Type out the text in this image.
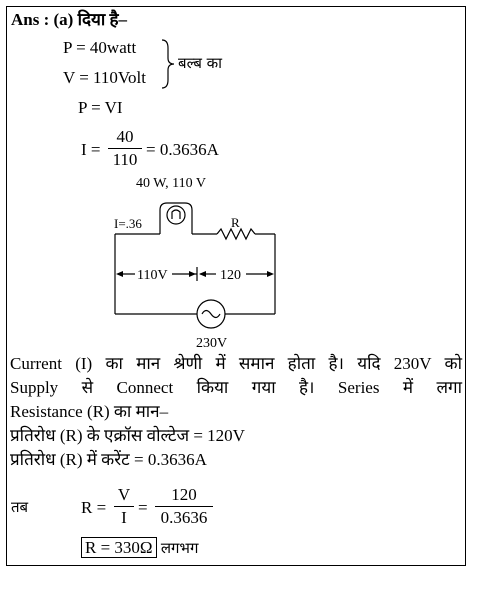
Ans : (a) दिया है–
P = 40watt
V = 110Volt
बल्ब का
P = VI
I =
40
110
= 0.3636A
40 W, 110 V
I=.36	R
110V	120
230V
Current (I) का मान श्रेणी में समान होता है। यदि 230V को
Supply से Connect किया गया है। Series में लगा
Resistance (R) का मान–
प्रतिरोध (R) के एक्रॉस वोल्टेज = 120V
प्रतिरोध (R) में करेंट = 0.3636A
तब	R =
V
I
=
120
0.3636
R = 330Ω लगभग
